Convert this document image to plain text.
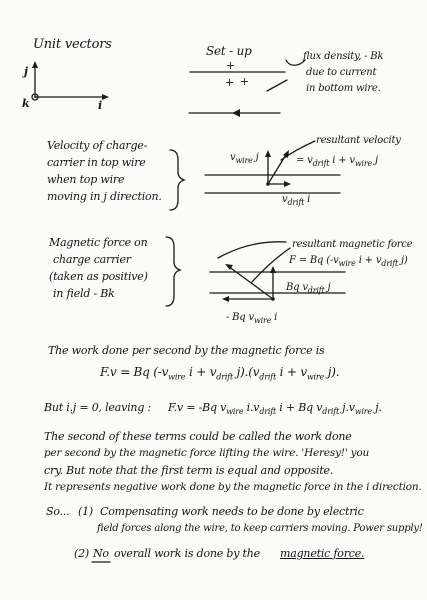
Unit vectors
j
k	i
Set - up
+
+
+
flux density, - Bk
due to current
in bottom wire.
Velocity of charge-
carrier in top wire
when top wire
moving in j direction.
$v_{wire}$ j
$v_{drift}$ i
resultant velocity
= $v_{drift}$ $i + v_{wire}$ j
Magnetic force on
charge carrier
(taken as positive)
in field - Bk
resultant magnetic force
F = Bq ($-v_{wire}$ $i + v_{drift}$ j)
Bq $v_{drift}$ j
- Bq $v_{wire}$ i
The work done per second by the magnetic force is
F.v = Bq ($-v_{wire}$ $i + v_{drift}$ $j).(v_{drift}$ $i + v_{wire}$ j).
But i.j = 0, leaving : F.v = -Bq $v_{wire}$ $i.v_{drift}$ i + Bq $v_{drift}$ $j.v_{wire}$ j.
The second of these terms could be called the work done
per second by the magnetic force lifting the wire. 'Heresy!' you
cry. But note that the first term is equal and opposite.
It represents negative work done by the magnetic force in the i direction.
So... (1) Compensating work needs to be done by electric
field forces along the wire, to keep carriers moving. Power supply!
(2) No overall work is done by the magnetic force.
